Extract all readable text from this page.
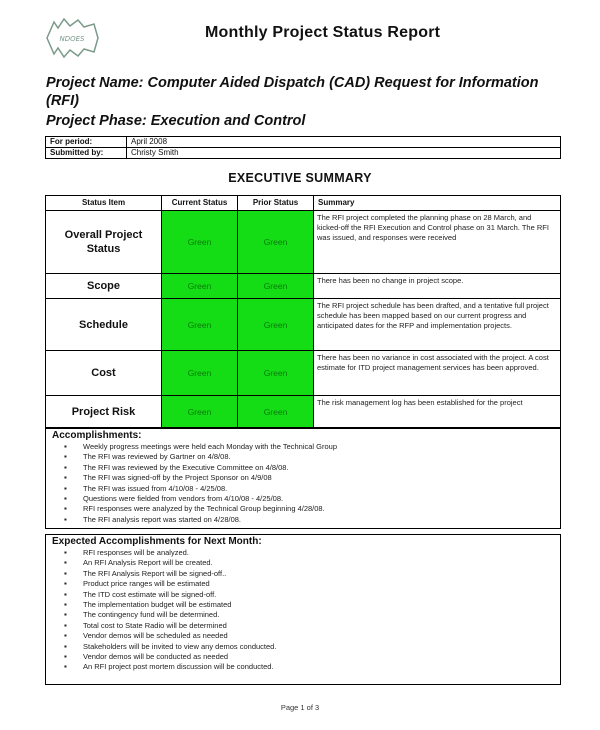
NDOES	Monthly Project Status Report
Project Name: Computer Aided Dispatch (CAD) Request for Information (RFI)
Project Phase: Execution and Control
For period:	April 2008
Submitted by:	Christy Smith
EXECUTIVE SUMMARY
Status Item	Current Status	Prior Status	Summary
Overall Project Status	Green	Green	The RFI project completed the planning phase on 28 March, and kicked-off the RFI Execution and Control phase on 31 March. The RFI was issued, and responses were received
Scope	Green	Green	There has been no change in project scope.
Schedule	Green	Green	The RFI project schedule has been drafted, and a tentative full project schedule has been mapped based on our current progress and anticipated dates for the RFP and implementation projects.
Cost	Green	Green	There has been no variance in cost associated with the project. A cost estimate for ITD project management services has been approved.
Project Risk	Green	Green	The risk management log has been established for the project
Accomplishments:
▪ Weekly progress meetings were held each Monday with the Technical Group
▪ The RFI was reviewed by Gartner on 4/8/08.
▪ The RFI was reviewed by the Executive Committee on 4/8/08.
▪ The RFI was signed-off by the Project Sponsor on 4/9/08
▪ The RFI was issued from 4/10/08 - 4/25/08.
▪ Questions were fielded from vendors from 4/10/08 - 4/25/08.
▪ RFI responses were analyzed by the Technical Group beginning 4/28/08.
▪ The RFI analysis report was started on 4/28/08.
Expected Accomplishments for Next Month:
▪ RFI responses will be analyzed.
▪ An RFI Analysis Report will be created.
▪ The RFI Analysis Report will be signed-off..
▪ Product price ranges will be estimated
▪ The ITD cost estimate will be signed-off.
▪ The implementation budget will be estimated
▪ The contingency fund will be determined.
▪ Total cost to State Radio will be determined
▪ Vendor demos will be scheduled as needed
▪ Stakeholders will be invited to view any demos conducted.
▪ Vendor demos will be conducted as needed
▪ An RFI project post mortem discussion will be conducted.
Page 1 of 3
